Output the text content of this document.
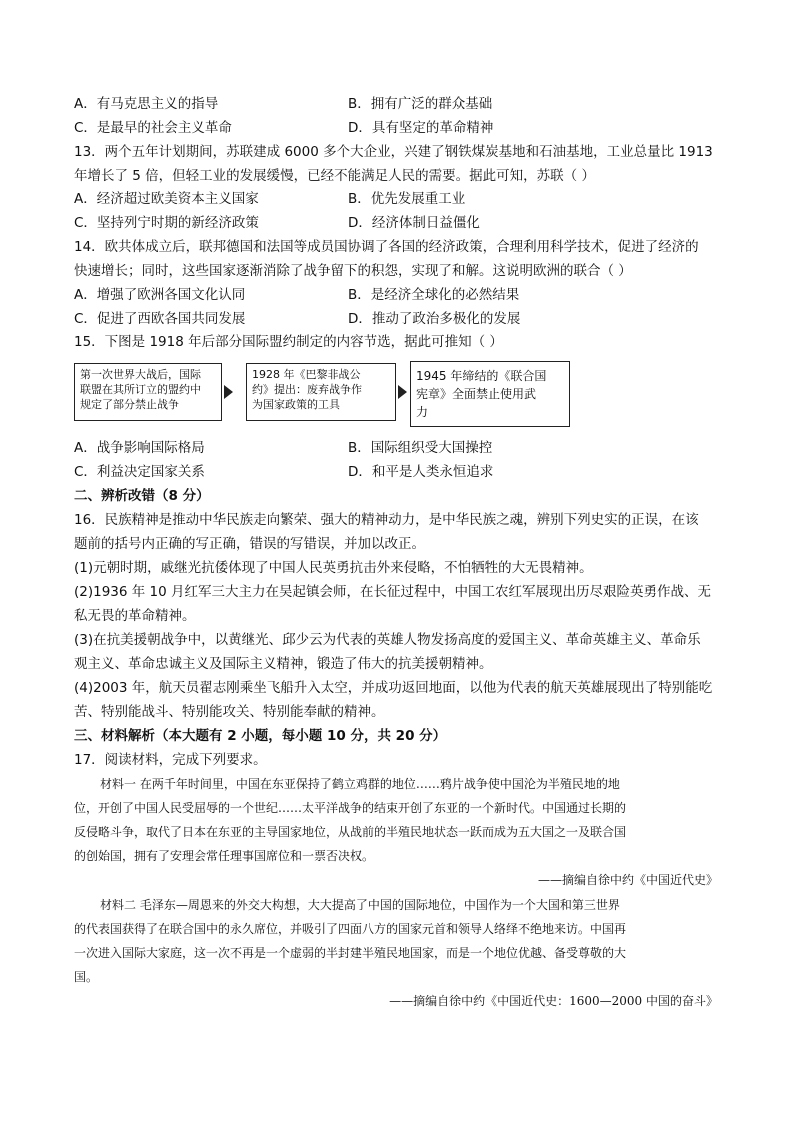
A．有马克思主义的指导	B．拥有广泛的群众基础
C．是最早的社会主义革命	D．具有坚定的革命精神
13．两个五年计划期间，苏联建成 6000 多个大企业，兴建了钢铁煤炭基地和石油基地，工业总量比 1913
年增长了 5 倍，但轻工业的发展缓慢，已经不能满足人民的需要。据此可知，苏联（ ）
A．经济超过欧美资本主义国家	B．优先发展重工业
C．坚持列宁时期的新经济政策	D．经济体制日益僵化
14．欧共体成立后，联邦德国和法国等成员国协调了各国的经济政策，合理利用科学技术，促进了经济的
快速增长；同时，这些国家逐渐消除了战争留下的积怨，实现了和解。这说明欧洲的联合（ ）
A．增强了欧洲各国文化认同	B．是经济全球化的必然结果
C．促进了西欧各国共同发展	D．推动了政治多极化的发展
15．下图是 1918 年后部分国际盟约制定的内容节选，据此可推知（ ）
第一次世界大战后，国际
联盟在其所订立的盟约中
规定了部分禁止战争
1928 年《巴黎非战公
约》提出：废弃战争作
为国家政策的工具
1945 年缔结的《联合国
宪章》全面禁止使用武
力
A．战争影响国际格局	B．国际组织受大国操控
C．利益决定国家关系	D．和平是人类永恒追求
二、辨析改错（8 分）
16．民族精神是推动中华民族走向繁荣、强大的精神动力，是中华民族之魂，辨别下列史实的正误，在该
题前的括号内正确的写正确，错误的写错误，并加以改正。
(1)元朝时期，戚继光抗倭体现了中国人民英勇抗击外来侵略，不怕牺牲的大无畏精神。
(2)1936 年 10 月红军三大主力在吴起镇会师，在长征过程中，中国工农红军展现出历尽艰险英勇作战、无
私无畏的革命精神。
(3)在抗美援朝战争中，以黄继光、邱少云为代表的英雄人物发扬高度的爱国主义、革命英雄主义、革命乐
观主义、革命忠诚主义及国际主义精神，锻造了伟大的抗美援朝精神。
(4)2003 年，航天员翟志刚乘坐飞船升入太空，并成功返回地面，以他为代表的航天英雄展现出了特别能吃
苦、特别能战斗、特别能攻关、特别能奉献的精神。
三、材料解析（本大题有 2 小题，每小题 10 分，共 20 分）
17．阅读材料，完成下列要求。
材料一 在两千年时间里，中国在东亚保持了鹤立鸡群的地位……鸦片战争使中国沦为半殖民地的地
位，开创了中国人民受屈辱的一个世纪……太平洋战争的结束开创了东亚的一个新时代。中国通过长期的
反侵略斗争，取代了日本在东亚的主导国家地位，从战前的半殖民地状态一跃而成为五大国之一及联合国
的创始国，拥有了安理会常任理事国席位和一票否决权。
——摘编自徐中约《中国近代史》
材料二 毛泽东—周恩来的外交大构想，大大提高了中国的国际地位，中国作为一个大国和第三世界
的代表国获得了在联合国中的永久席位，并吸引了四面八方的国家元首和领导人络绎不绝地来访。中国再
一次进入国际大家庭，这一次不再是一个虚弱的半封建半殖民地国家，而是一个地位优越、备受尊敬的大
国。
——摘编自徐中约《中国近代史：1600—2000 中国的奋斗》
